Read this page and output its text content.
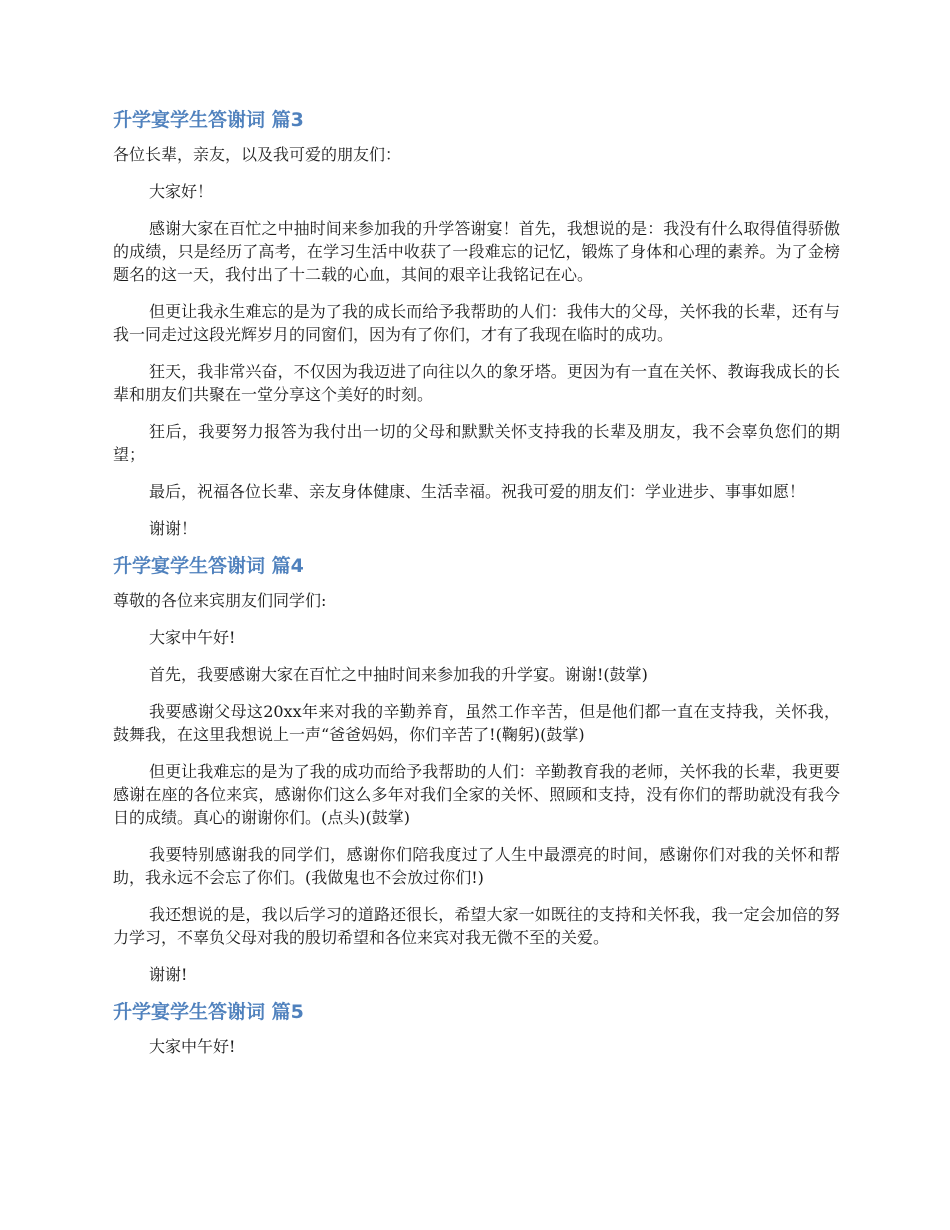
升学宴学生答谢词 篇3

各位长辈，亲友，以及我可爱的朋友们：

大家好！

感谢大家在百忙之中抽时间来参加我的升学答谢宴！首先，我想说的是：我没有什么取得值得骄傲的成绩，只是经历了高考，在学习生活中收获了一段难忘的记忆，锻炼了身体和心理的素养。为了金榜题名的这一天，我付出了十二载的心血，其间的艰辛让我铭记在心。

但更让我永生难忘的是为了我的成长而给予我帮助的人们：我伟大的父母，关怀我的长辈，还有与我一同走过这段光辉岁月的同窗们，因为有了你们，才有了我现在临时的成功。

狂天，我非常兴奋，不仅因为我迈进了向往以久的象牙塔。更因为有一直在关怀、教诲我成长的长辈和朋友们共聚在一堂分享这个美好的时刻。

狂后，我要努力报答为我付出一切的父母和默默关怀支持我的长辈及朋友，我不会辜负您们的期望；

最后，祝福各位长辈、亲友身体健康、生活幸福。祝我可爱的朋友们：学业进步、事事如愿！

谢谢！

升学宴学生答谢词 篇4

尊敬的各位来宾朋友们同学们:

大家中午好!

首先，我要感谢大家在百忙之中抽时间来参加我的升学宴。谢谢!(鼓掌)

我要感谢父母这20xx年来对我的辛勤养育，虽然工作辛苦，但是他们都一直在支持我，关怀我，鼓舞我，在这里我想说上一声“爸爸妈妈，你们辛苦了!(鞠躬)(鼓掌)

但更让我难忘的是为了我的成功而给予我帮助的人们：辛勤教育我的老师，关怀我的长辈，我更要感谢在座的各位来宾，感谢你们这么多年对我们全家的关怀、照顾和支持，没有你们的帮助就没有我今日的成绩。真心的谢谢你们。(点头)(鼓掌)

我要特别感谢我的同学们，感谢你们陪我度过了人生中最漂亮的时间，感谢你们对我的关怀和帮助，我永远不会忘了你们。(我做鬼也不会放过你们!)

我还想说的是，我以后学习的道路还很长，希望大家一如既往的支持和关怀我，我一定会加倍的努力学习，不辜负父母对我的殷切希望和各位来宾对我无微不至的关爱。

谢谢!

升学宴学生答谢词 篇5

大家中午好!
